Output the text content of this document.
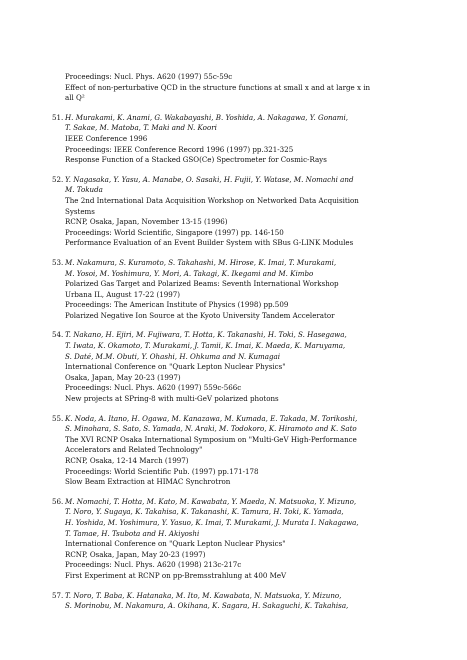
Proceedings: Nucl. Phys. A620 (1997) 55c-59c
Effect of non-perturbative QCD in the structure functions at small x and at large x in
all Q²
51. H. Murakami, K. Anami, G. Wakabayashi, B. Yoshida, A. Nakagawa, Y. Gonami,
T. Sakae, M. Matoba, T. Maki and N. Koori
IEEE Conference 1996
Proceedings: IEEE Conference Record 1996 (1997) pp.321-325
Response Function of a Stacked GSO(Ce) Spectrometer for Cosmic-Rays
52. Y. Nagasaka, Y. Yasu, A. Manabe, O. Sasaki, H. Fujii, Y. Watase, M. Nomachi and
M. Tokuda
The 2nd International Data Acquisition Workshop on Networked Data Acquisition
Systems
RCNP, Osaka, Japan, November 13-15 (1996)
Proceedings: World Scientific, Singapore (1997) pp. 146-150
Performance Evaluation of an Event Builder System with SBus G-LINK Modules
53. M. Nakamura, S. Kuramoto, S. Takahashi, M. Hirose, K. Imai, T. Murakami,
M. Yosoi, M. Yoshimura, Y. Mori, A. Takagi, K. Ikegami and M. Kimbo
Polarized Gas Target and Polarized Beams: Seventh International Workshop
Urbana IL, August 17-22 (1997)
Proceedings: The American Institute of Physics (1998) pp.509
Polarized Negative Ion Source at the Kyoto University Tandem Accelerator
54. T. Nakano, H. Ejiri, M. Fujiwara, T. Hotta, K. Takanashi, H. Toki, S. Hasegawa,
T. Iwata, K. Okamoto, T. Murakami, J. Tamii, K. Imai, K. Maeda, K. Maruyama,
S. Daté, M.M. Obuti, Y. Ohashi, H. Ohkuma and N. Kumagai
International Conference on "Quark Lepton Nuclear Physics"
Osaka, Japan, May 20-23 (1997)
Proceedings: Nucl. Phys. A620 (1997) 559c-566c
New projects at SPring-8 with multi-GeV polarized photons
55. K. Noda, A. Itano, H. Ogawa, M. Kanazawa, M. Kumada, E. Takada, M. Torikoshi,
S. Minohara, S. Sato, S. Yamada, N. Araki, M. Todokoro, K. Hiramoto and K. Sato
The XVI RCNP Osaka International Symposium on "Multi-GeV High-Performance
Accelerators and Related Technology"
RCNP, Osaka, 12-14 March (1997)
Proceedings: World Scientific Pub. (1997) pp.171-178
Slow Beam Extraction at HIMAC Synchrotron
56. M. Nomachi, T. Hotta, M. Kato, M. Kawabata, Y. Maeda, N. Matsuoka, Y. Mizuno,
T. Noro, Y. Sugaya, K. Takahisa, K. Takanashi, K. Tamura, H. Toki, K. Yamada,
H. Yoshida, M. Yoshimura, Y. Yasuo, K. Imai, T. Murakami, J. Murata I. Nakagawa,
T. Tamae, H. Tsubota and H. Akiyoshi
International Conference on "Quark Lepton Nuclear Physics"
RCNP, Osaka, Japan, May 20-23 (1997)
Proceedings: Nucl. Phys. A620 (1998) 213c-217c
First Experiment at RCNP on pp-Bremsstrahlung at 400 MeV
57. T. Noro, T. Baba, K. Hatanaka, M. Ito, M. Kawabata, N. Matsuoka, Y. Mizuno,
S. Morinobu, M. Nakamura, A. Okihana, K. Sagara, H. Sakaguchi, K. Takahisa,
